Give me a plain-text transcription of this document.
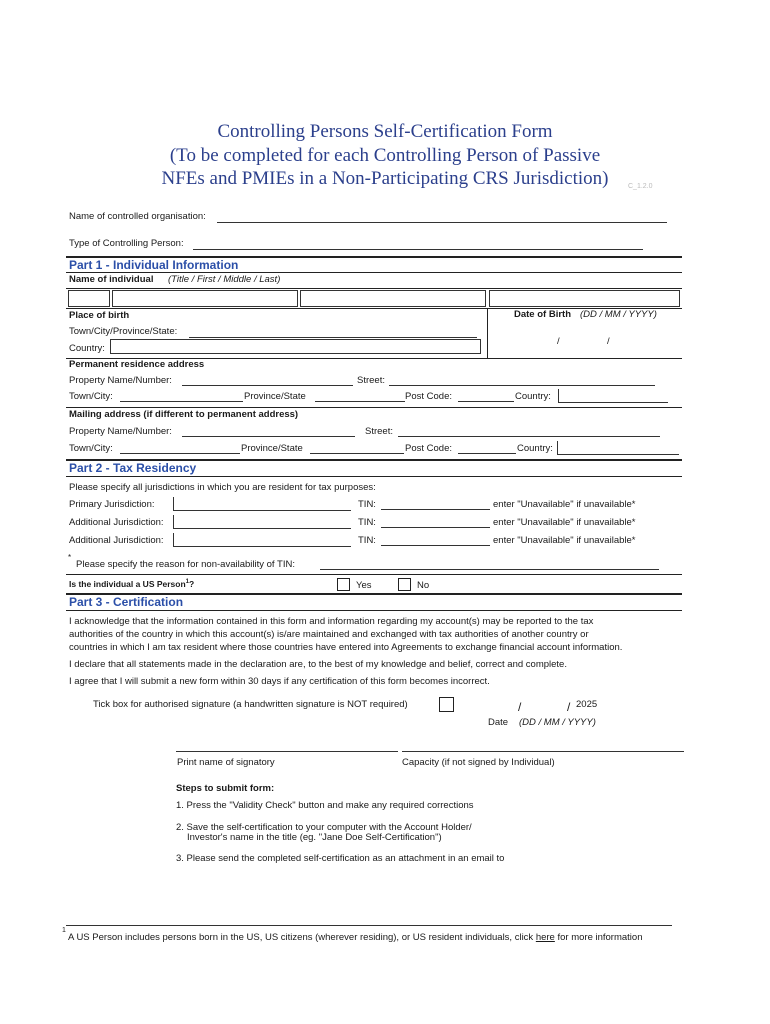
Controlling Persons Self-Certification Form
(To be completed for each Controlling Person of Passive
NFEs and PMIEs in a Non-Participating CRS Jurisdiction)	C_1.2.0
Name of controlled organisation:
Type of Controlling Person:
Part 1 - Individual Information
Name of individual (Title / First / Middle / Last)
Place of birth	Date of Birth (DD / MM / YYYY)
Town/City/Province/State:
Country:
/	/
Permanent residence address
Property Name/Number:	Street:
Town/City:	Province/State	Post Code:	Country:
Mailing address (if different to permanent address)
Property Name/Number:	Street:
Town/City:	Province/State	Post Code:	Country:
Part 2 - Tax Residency
Please specify all jurisdictions in which you are resident for tax purposes:
Primary Jurisdiction:	TIN:	enter "Unavailable" if unavailable*
Additional Jurisdiction:	TIN:	enter "Unavailable" if unavailable*
Additional Jurisdiction:	TIN:	enter "Unavailable" if unavailable*
*
Please specify the reason for non-availability of TIN:
Is the individual a US Person$^1$?	Yes	No
Part 3 - Certification
I acknowledge that the information contained in this form and information regarding my account(s) may be reported to the tax
authorities of the country in which this account(s) is/are maintained and exchanged with tax authorities of another country or
countries in which I am tax resident where those countries have entered into Agreements to exchange financial account information.
I declare that all statements made in the declaration are, to the best of my knowledge and belief, correct and complete.
I agree that I will submit a new form within 30 days if any certification of this form becomes incorrect.
Tick box for authorised signature (a handwritten signature is NOT required)	/	/ 2025
Date (DD / MM / YYYY)
Print name of signatory	Capacity (if not signed by Individual)
Steps to submit form:
1. Press the "Validity Check" button and make any required corrections
2. Save the self-certification to your computer with the Account Holder/
Investor's name in the title (eg. "Jane Doe Self-Certification")
3. Please send the completed self-certification as an attachment in an email to
1
A US Person includes persons born in the US, US citizens (wherever residing), or US resident individuals, click here for more information
